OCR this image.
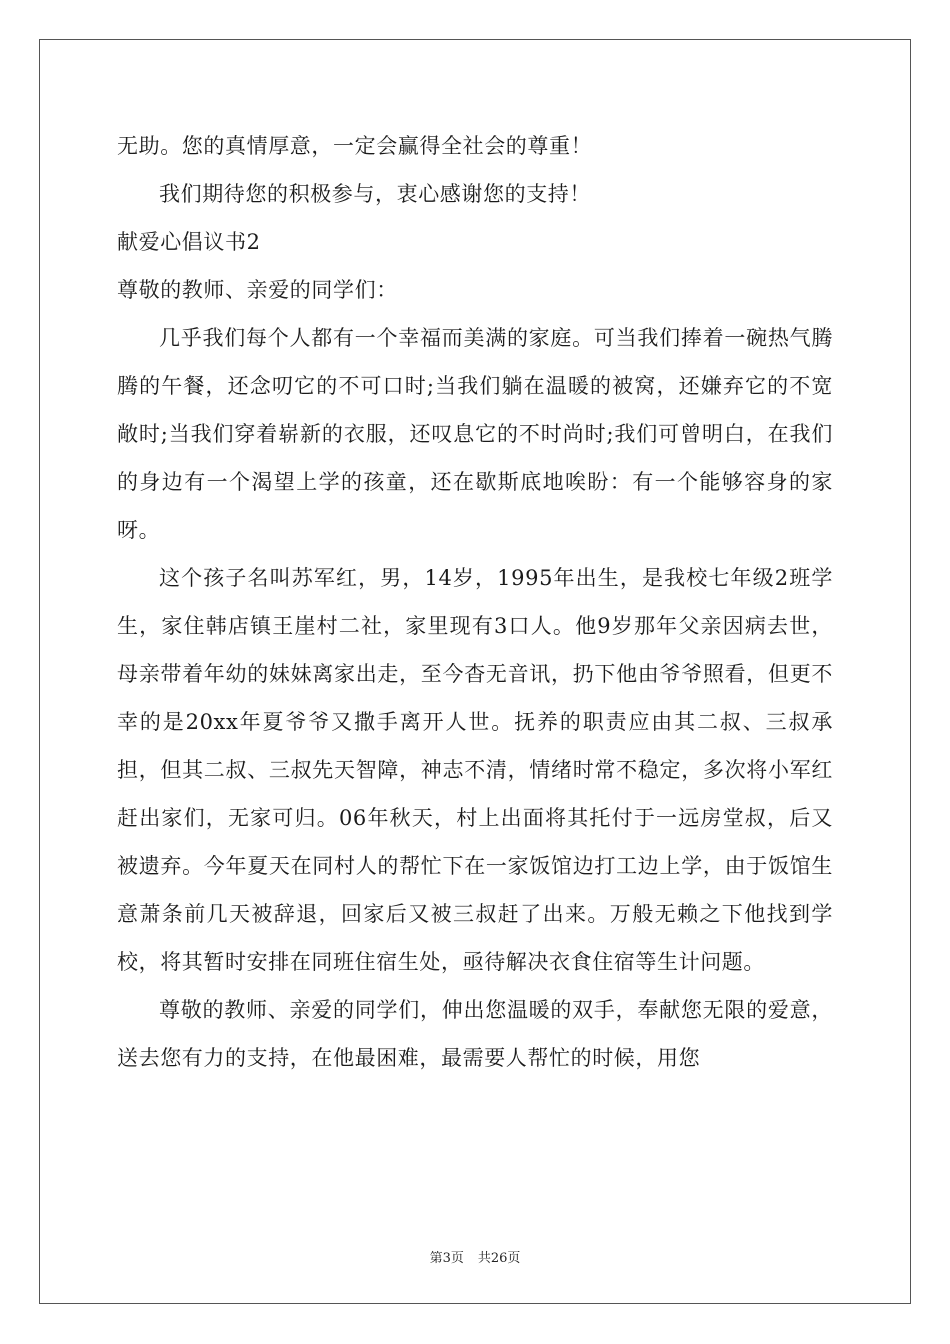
无助。您的真情厚意，一定会赢得全社会的尊重！

我们期待您的积极参与，衷心感谢您的支持！

献爱心倡议书2

尊敬的教师、亲爱的同学们：

几乎我们每个人都有一个幸福而美满的家庭。可当我们捧着一碗热气腾腾的午餐，还念叨它的不可口时;当我们躺在温暖的被窝，还嫌弃它的不宽敞时;当我们穿着崭新的衣服，还叹息它的不时尚时;我们可曾明白，在我们的身边有一个渴望上学的孩童，还在歇斯底地唉盼：有一个能够容身的家呀。

这个孩子名叫苏军红，男，14岁，1995年出生，是我校七年级2班学生，家住韩店镇王崖村二社，家里现有3口人。他9岁那年父亲因病去世，母亲带着年幼的妹妹离家出走，至今杳无音讯，扔下他由爷爷照看，但更不幸的是20xx年夏爷爷又撒手离开人世。抚养的职责应由其二叔、三叔承担，但其二叔、三叔先天智障，神志不清，情绪时常不稳定，多次将小军红赶出家们，无家可归。06年秋天，村上出面将其托付于一远房堂叔，后又被遗弃。今年夏天在同村人的帮忙下在一家饭馆边打工边上学，由于饭馆生意萧条前几天被辞退，回家后又被三叔赶了出来。万般无赖之下他找到学校，将其暂时安排在同班住宿生处，亟待解决衣食住宿等生计问题。

尊敬的教师、亲爱的同学们，伸出您温暖的双手，奉献您无限的爱意，送去您有力的支持，在他最困难，最需要人帮忙的时候，用您

第3页 共26页
